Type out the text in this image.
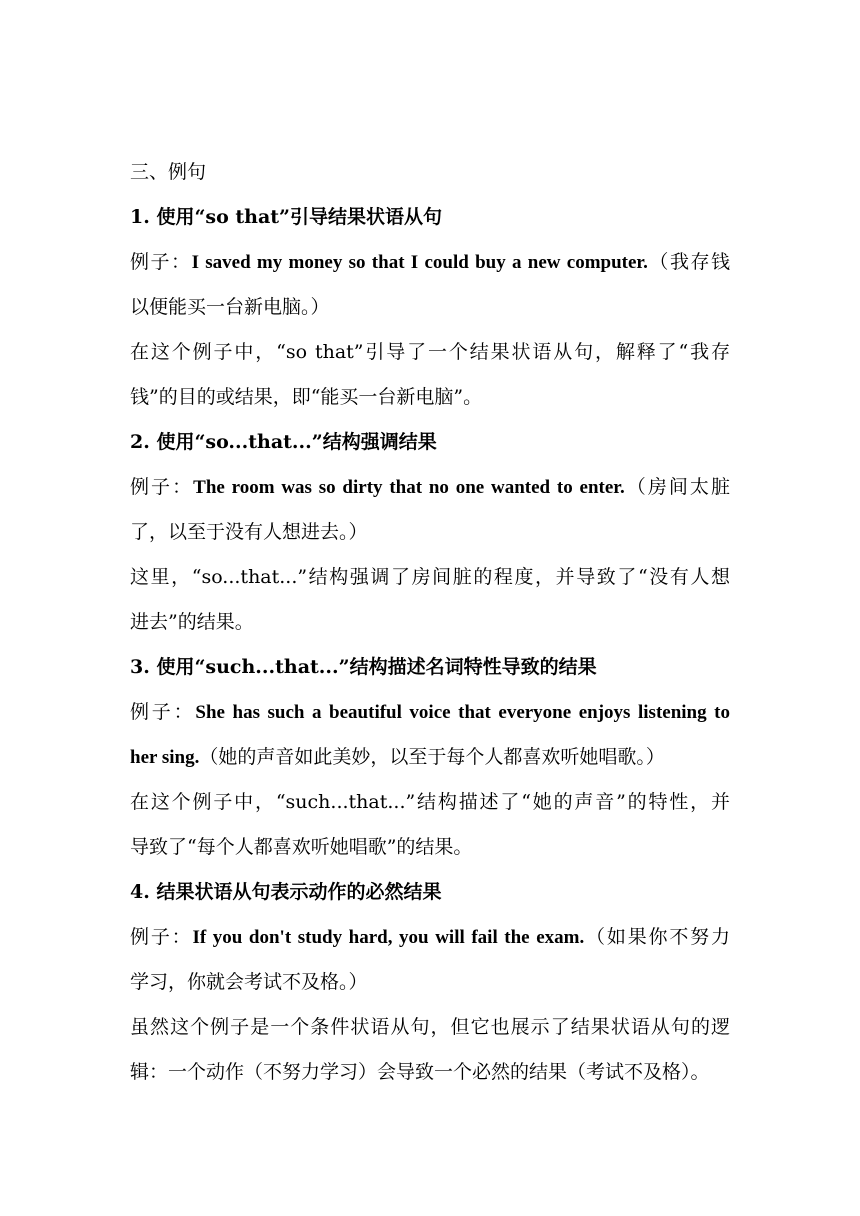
三、例句

1. 使用“so that”引导结果状语从句

例子：I saved my money so that I could buy a new computer.（我存钱

以便能买一台新电脑。）

在这个例子中，“so that”引导了一个结果状语从句，解释了“我存

钱”的目的或结果，即“能买一台新电脑”。

2. 使用“so...that...”结构强调结果

例子：The room was so dirty that no one wanted to enter.（房间太脏

了，以至于没有人想进去。）

这里，“so...that...”结构强调了房间脏的程度，并导致了“没有人想

进去”的结果。

3. 使用“such...that...”结构描述名词特性导致的结果

例子：She has such a beautiful voice that everyone enjoys listening to

her sing.（她的声音如此美妙，以至于每个人都喜欢听她唱歌。）

在这个例子中，“such...that...”结构描述了“她的声音”的特性，并

导致了“每个人都喜欢听她唱歌”的结果。

4. 结果状语从句表示动作的必然结果

例子：If you don't study hard, you will fail the exam.（如果你不努力

学习，你就会考试不及格。）

虽然这个例子是一个条件状语从句，但它也展示了结果状语从句的逻

辑：一个动作（不努力学习）会导致一个必然的结果（考试不及格）。
